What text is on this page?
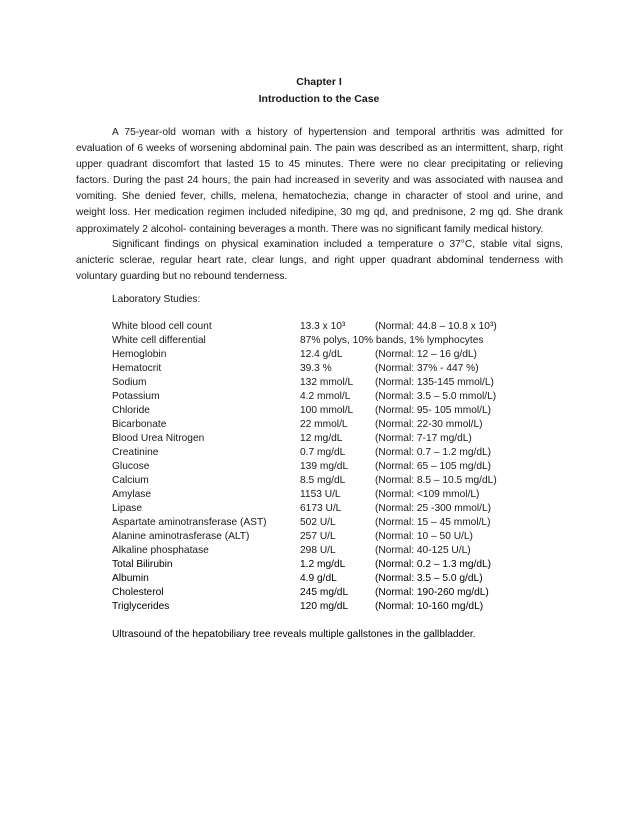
Chapter I
Introduction to the Case

A 75-year-old woman with a history of hypertension and temporal arthritis was admitted for evaluation of 6 weeks of worsening abdominal pain. The pain was described as an intermittent, sharp, right upper quadrant discomfort that lasted 15 to 45 minutes. There were no clear precipitating or relieving factors. During the past 24 hours, the pain had increased in severity and was associated with nausea and vomiting. She denied fever, chills, melena, hematochezia, change in character of stool and urine, and weight loss. Her medication regimen included nifedipine, 30 mg qd, and prednisone, 2 mg qd. She drank approximately 2 alcohol- containing beverages a month. There was no significant family medical history.

Significant findings on physical examination included a temperature o 37°C, stable vital signs, anicteric sclerae, regular heart rate, clear lungs, and right upper quadrant abdominal tenderness with voluntary guarding but no rebound tenderness.

Laboratory Studies:
White blood cell count	13.3 x 10³	(Normal: 44.8 – 10.8 x 10³)
White cell differential	87% polys, 10% bands, 1% lymphocytes	
Hemoglobin	12.4 g/dL	(Normal: 12 – 16 g/dL)
Hematocrit	39.3 %	(Normal: 37% - 447 %)
Sodium	132 mmol/L	(Normal: 135-145 mmol/L)
Potassium	4.2 mmol/L	(Normal: 3.5 – 5.0 mmol/L)
Chloride	100 mmol/L	(Normal: 95- 105 mmol/L)
Bicarbonate	22 mmol/L	(Normal: 22-30 mmol/L)
Blood Urea Nitrogen	12 mg/dL	(Normal: 7-17 mg/dL)
Creatinine	0.7 mg/dL	(Normal: 0.7 – 1.2 mg/dL)
Glucose	139 mg/dL	(Normal: 65 – 105 mg/dL)
Calcium	8.5 mg/dL	(Normal: 8.5 – 10.5 mg/dL)
Amylase	1153 U/L	(Normal: <109 mmol/L)
Lipase	6173 U/L	(Normal: 25 -300 mmol/L)
Aspartate aminotransferase (AST)	502 U/L	(Normal: 15 – 45 mmol/L)
Alanine aminotrasferase (ALT)	257 U/L	(Normal: 10 – 50 U/L)
Alkaline phosphatase	298 U/L	(Normal: 40-125 U/L)
Total Bilirubin	1.2 mg/dL	(Normal: 0.2 – 1.3 mg/dL)
Albumin	4.9 g/dL	(Normal: 3.5 – 5.0 g/dL)
Cholesterol	245 mg/dL	(Normal: 190-260 mg/dL)
Triglycerides	120 mg/dL	(Normal: 10-160 mg/dL)
Ultrasound of the hepatobiliary tree reveals multiple gallstones in the gallbladder.
